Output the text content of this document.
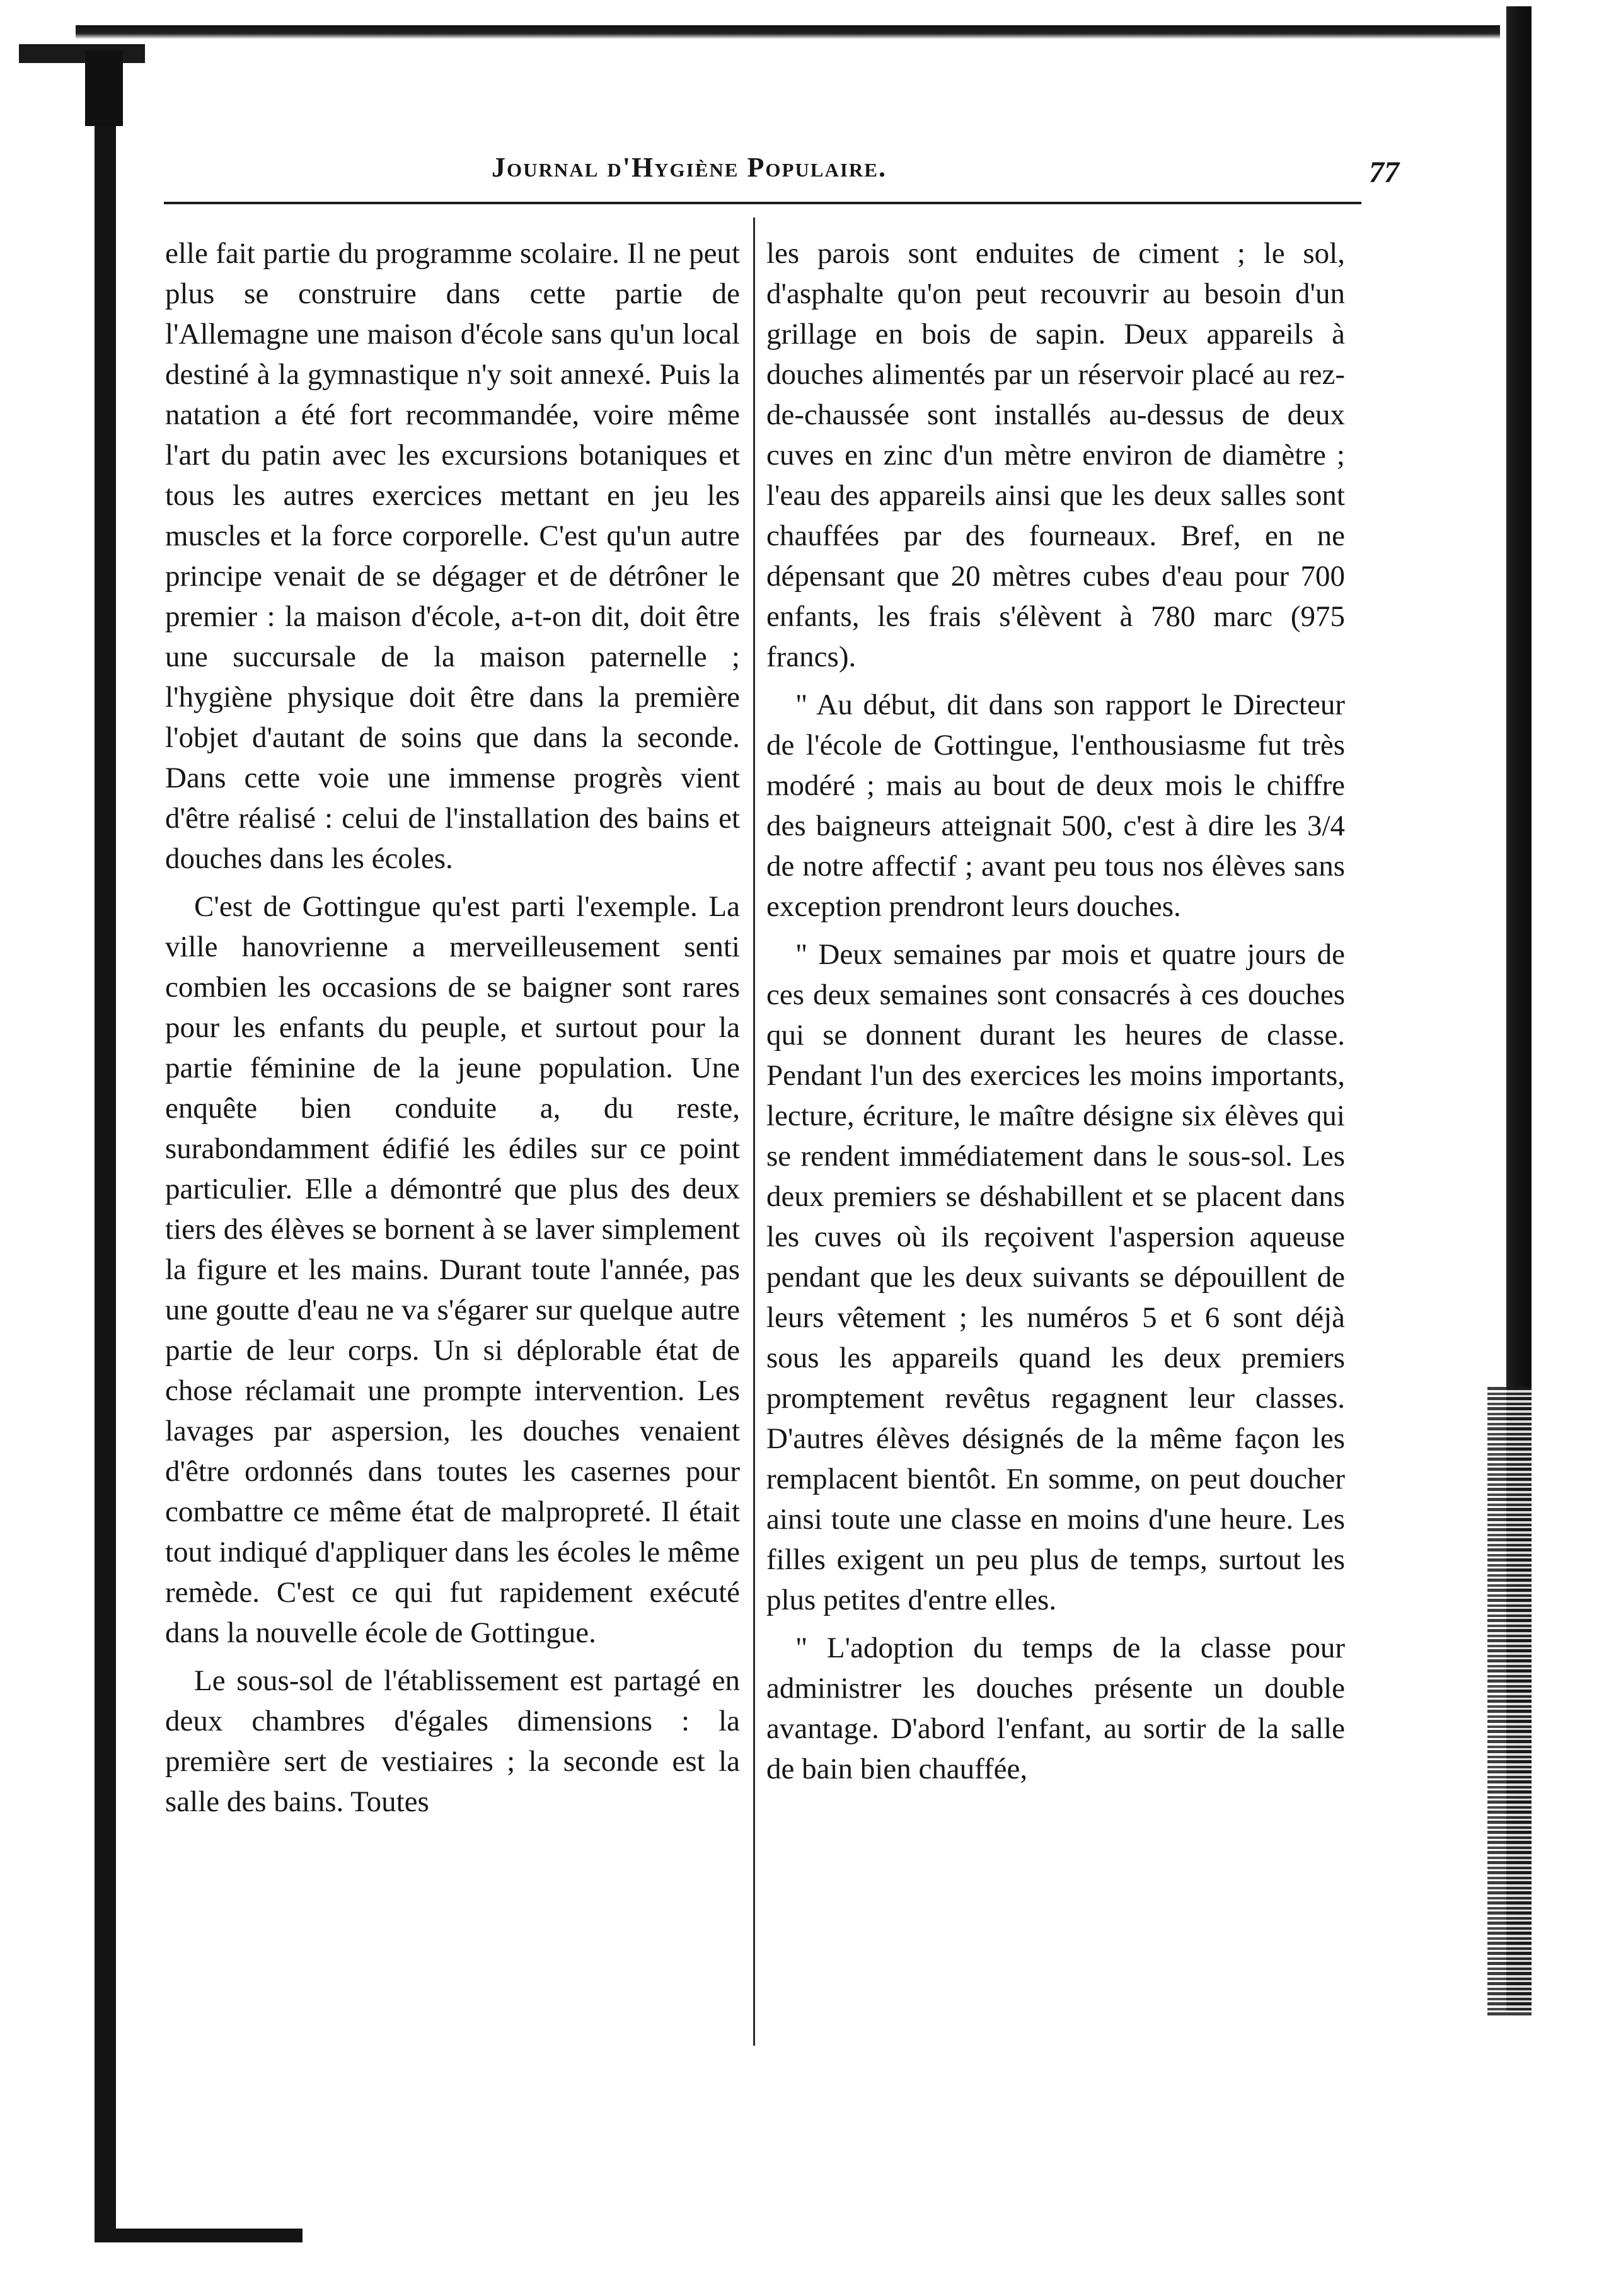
Journal d'Hygiène Populaire.	77

elle fait partie du programme scolaire. Il ne peut plus se construire dans cette partie de l'Allemagne une maison d'école sans qu'un local destiné à la gymnastique n'y soit annexé. Puis la natation a été fort recommandée, voire même l'art du patin avec les excursions botaniques et tous les autres exercices mettant en jeu les muscles et la force corporelle. C'est qu'un autre principe venait de se dégager et de détrôner le premier : la maison d'école, a-t-on dit, doit être une succursale de la maison paternelle ; l'hygiène physique doit être dans la première l'objet d'autant de soins que dans la seconde. Dans cette voie une immense progrès vient d'être réalisé : celui de l'installation des bains et douches dans les écoles.

C'est de Gottingue qu'est parti l'exemple. La ville hanovrienne a merveilleusement senti combien les occasions de se baigner sont rares pour les enfants du peuple, et surtout pour la partie féminine de la jeune population. Une enquête bien conduite a, du reste, surabondamment édifié les édiles sur ce point particulier. Elle a démontré que plus des deux tiers des élèves se bornent à se laver simplement la figure et les mains. Durant toute l'année, pas une goutte d'eau ne va s'égarer sur quelque autre partie de leur corps. Un si déplorable état de chose réclamait une prompte intervention. Les lavages par aspersion, les douches venaient d'être ordonnés dans toutes les casernes pour combattre ce même état de malpropreté. Il était tout indiqué d'appliquer dans les écoles le même remède. C'est ce qui fut rapidement exécuté dans la nouvelle école de Gottingue.

Le sous-sol de l'établissement est partagé en deux chambres d'égales dimensions : la première sert de vestiaires ; la seconde est la salle des bains. Toutes

les parois sont enduites de ciment ; le sol, d'asphalte qu'on peut recouvrir au besoin d'un grillage en bois de sapin. Deux appareils à douches alimentés par un réservoir placé au rez-de-chaussée sont installés au-dessus de deux cuves en zinc d'un mètre environ de diamètre ; l'eau des appareils ainsi que les deux salles sont chauffées par des fourneaux. Bref, en ne dépensant que 20 mètres cubes d'eau pour 700 enfants, les frais s'élèvent à 780 marc (975 francs).

" Au début, dit dans son rapport le Directeur de l'école de Gottingue, l'enthousiasme fut très modéré ; mais au bout de deux mois le chiffre des baigneurs atteignait 500, c'est à dire les 3/4 de notre affectif ; avant peu tous nos élèves sans exception prendront leurs douches.

" Deux semaines par mois et quatre jours de ces deux semaines sont consacrés à ces douches qui se donnent durant les heures de classe. Pendant l'un des exercices les moins importants, lecture, écriture, le maître désigne six élèves qui se rendent immédiatement dans le sous-sol. Les deux premiers se déshabillent et se placent dans les cuves où ils reçoivent l'aspersion aqueuse pendant que les deux suivants se dépouillent de leurs vêtement ; les numéros 5 et 6 sont déjà sous les appareils quand les deux premiers promptement revêtus regagnent leur classes. D'autres élèves désignés de la même façon les remplacent bientôt. En somme, on peut doucher ainsi toute une classe en moins d'une heure. Les filles exigent un peu plus de temps, surtout les plus petites d'entre elles.

" L'adoption du temps de la classe pour administrer les douches présente un double avantage. D'abord l'enfant, au sortir de la salle de bain bien chauffée,
